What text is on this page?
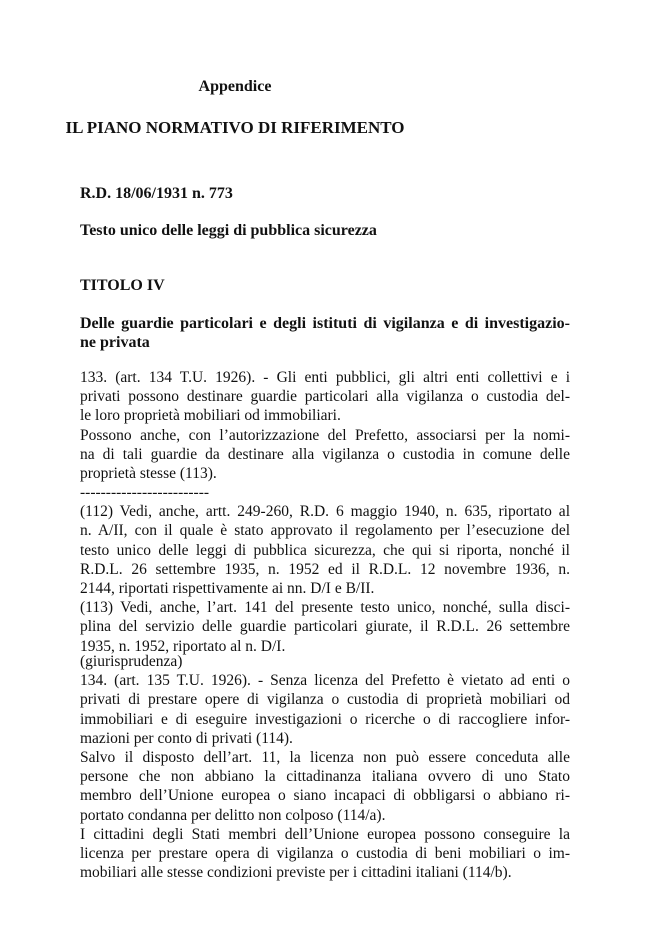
Appendice
IL PIANO NORMATIVO DI RIFERIMENTO
R.D. 18/06/1931 n. 773
Testo unico delle leggi di pubblica sicurezza
TITOLO IV
Delle guardie particolari e degli istituti di vigilanza e di investigazio-
ne privata
133. (art. 134 T.U. 1926). - Gli enti pubblici, gli altri enti collettivi e i
privati possono destinare guardie particolari alla vigilanza o custodia del-
le loro proprietà mobiliari od immobiliari.
Possono anche, con l’autorizzazione del Prefetto, associarsi per la nomi-
na di tali guardie da destinare alla vigilanza o custodia in comune delle
proprietà stesse (113).
-------------------------
(112) Vedi, anche, artt. 249-260, R.D. 6 maggio 1940, n. 635, riportato al
n. A/II, con il quale è stato approvato il regolamento per l’esecuzione del
testo unico delle leggi di pubblica sicurezza, che qui si riporta, nonché il
R.D.L. 26 settembre 1935, n. 1952 ed il R.D.L. 12 novembre 1936, n.
2144, riportati rispettivamente ai nn. D/I e B/II.
(113) Vedi, anche, l’art. 141 del presente testo unico, nonché, sulla disci-
plina del servizio delle guardie particolari giurate, il R.D.L. 26 settembre
1935, n. 1952, riportato al n. D/I.
(giurisprudenza)
134. (art. 135 T.U. 1926). - Senza licenza del Prefetto è vietato ad enti o
privati di prestare opere di vigilanza o custodia di proprietà mobiliari od
immobiliari e di eseguire investigazioni o ricerche o di raccogliere infor-
mazioni per conto di privati (114).
Salvo il disposto dell’art. 11, la licenza non può essere conceduta alle
persone che non abbiano la cittadinanza italiana ovvero di uno Stato
membro dell’Unione europea o siano incapaci di obbligarsi o abbiano ri-
portato condanna per delitto non colposo (114/a).
I cittadini degli Stati membri dell’Unione europea possono conseguire la
licenza per prestare opera di vigilanza o custodia di beni mobiliari o im-
mobiliari alle stesse condizioni previste per i cittadini italiani (114/b).
